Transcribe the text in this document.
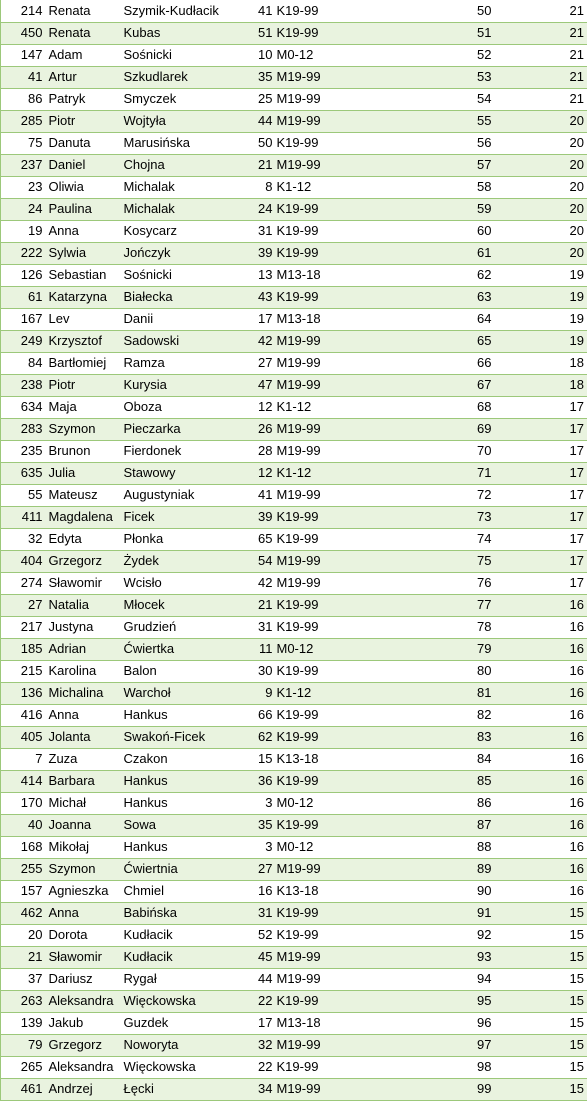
214	Renata	Szymik-Kudłacik	41	K19-99	50	21
450	Renata	Kubas	51	K19-99	51	21
147	Adam	Sośnicki	10	M0-12	52	21
41	Artur	Szkudlarek	35	M19-99	53	21
86	Patryk	Smyczek	25	M19-99	54	21
285	Piotr	Wojtyła	44	M19-99	55	20
75	Danuta	Marusińska	50	K19-99	56	20
237	Daniel	Chojna	21	M19-99	57	20
23	Oliwia	Michalak	8	K1-12	58	20
24	Paulina	Michalak	24	K19-99	59	20
19	Anna	Kosycarz	31	K19-99	60	20
222	Sylwia	Jończyk	39	K19-99	61	20
126	Sebastian	Sośnicki	13	M13-18	62	19
61	Katarzyna	Białecka	43	K19-99	63	19
167	Lev	Danii	17	M13-18	64	19
249	Krzysztof	Sadowski	42	M19-99	65	19
84	Bartłomiej	Ramza	27	M19-99	66	18
238	Piotr	Kurysia	47	M19-99	67	18
634	Maja	Oboza	12	K1-12	68	17
283	Szymon	Pieczarka	26	M19-99	69	17
235	Brunon	Fierdonek	28	M19-99	70	17
635	Julia	Stawowy	12	K1-12	71	17
55	Mateusz	Augustyniak	41	M19-99	72	17
411	Magdalena	Ficek	39	K19-99	73	17
32	Edyta	Płonka	65	K19-99	74	17
404	Grzegorz	Żydek	54	M19-99	75	17
274	Sławomir	Wcisło	42	M19-99	76	17
27	Natalia	Młocek	21	K19-99	77	16
217	Justyna	Grudzień	31	K19-99	78	16
185	Adrian	Ćwiertka	11	M0-12	79	16
215	Karolina	Balon	30	K19-99	80	16
136	Michalina	Warchoł	9	K1-12	81	16
416	Anna	Hankus	66	K19-99	82	16
405	Jolanta	Swakoń-Ficek	62	K19-99	83	16
7	Zuza	Czakon	15	K13-18	84	16
414	Barbara	Hankus	36	K19-99	85	16
170	Michał	Hankus	3	M0-12	86	16
40	Joanna	Sowa	35	K19-99	87	16
168	Mikołaj	Hankus	3	M0-12	88	16
255	Szymon	Ćwiertnia	27	M19-99	89	16
157	Agnieszka	Chmiel	16	K13-18	90	16
462	Anna	Babińska	31	K19-99	91	15
20	Dorota	Kudłacik	52	K19-99	92	15
21	Sławomir	Kudłacik	45	M19-99	93	15
37	Dariusz	Rygał	44	M19-99	94	15
263	Aleksandra	Więckowska	22	K19-99	95	15
139	Jakub	Guzdek	17	M13-18	96	15
79	Grzegorz	Noworyta	32	M19-99	97	15
265	Aleksandra	Więckowska	22	K19-99	98	15
461	Andrzej	Łęcki	34	M19-99	99	15
